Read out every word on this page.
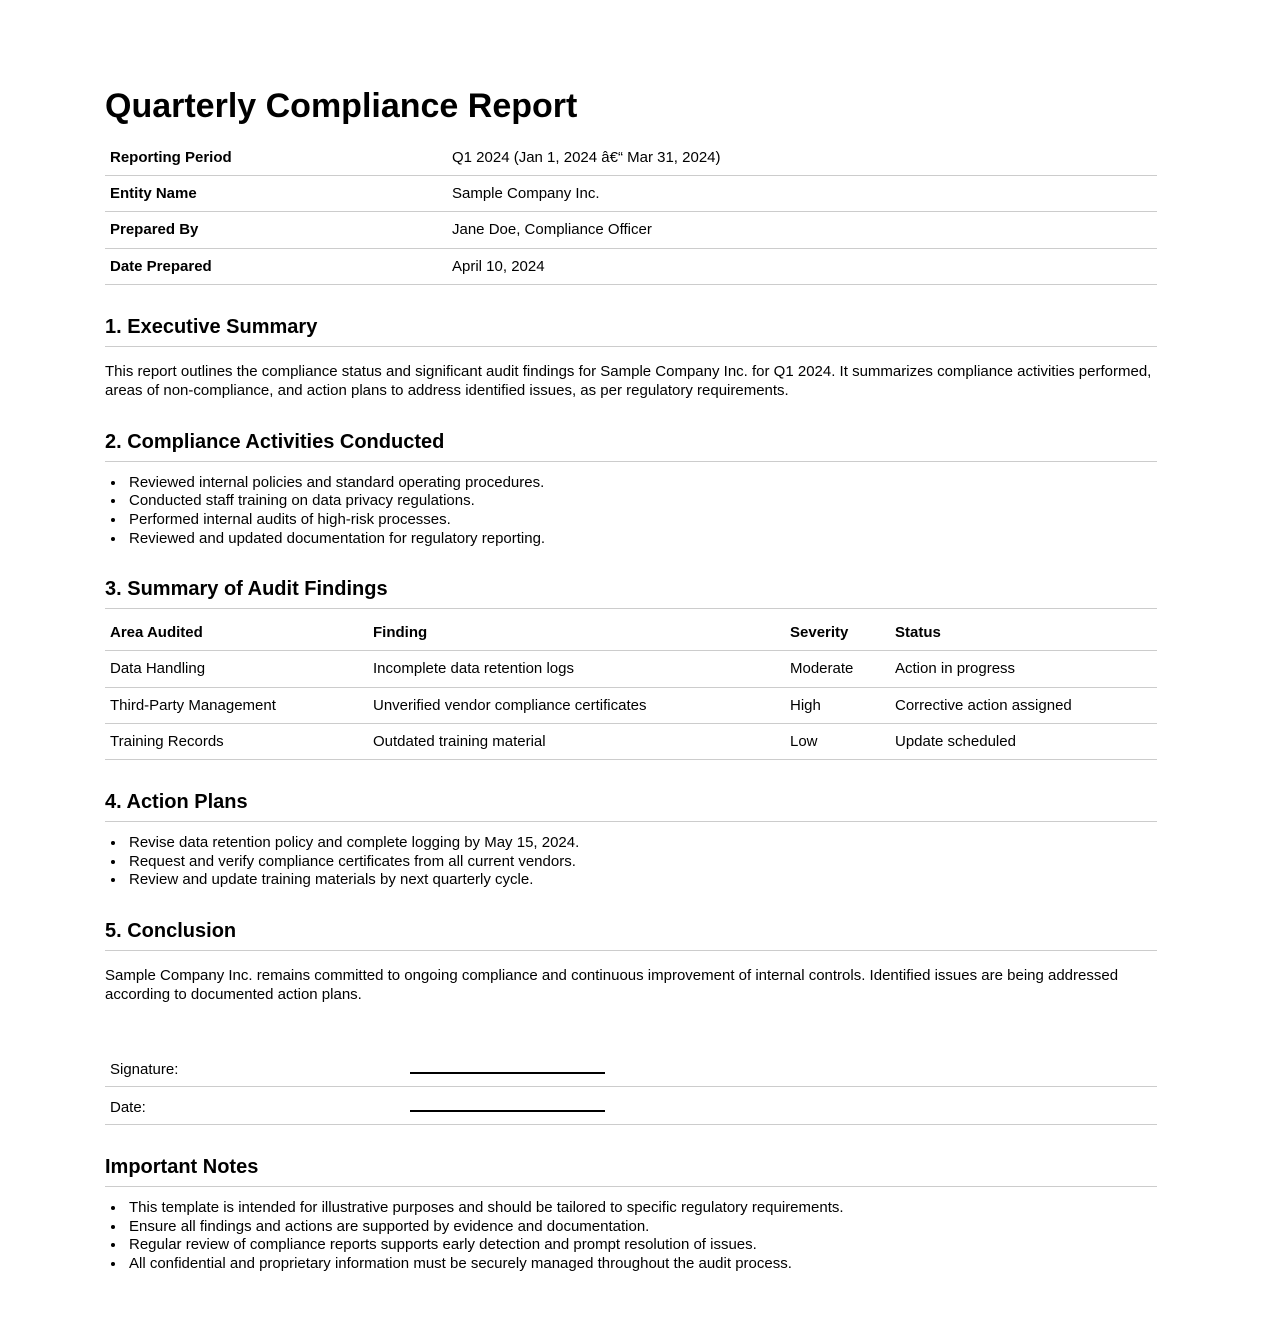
Quarterly Compliance Report
Reporting Period	Q1 2024 (Jan 1, 2024 â€“ Mar 31, 2024)
Entity Name	Sample Company Inc.
Prepared By	Jane Doe, Compliance Officer
Date Prepared	April 10, 2024
1. Executive Summary

This report outlines the compliance status and significant audit findings for Sample Company Inc. for Q1 2024. It summarizes compliance activities performed, areas of non-compliance, and action plans to address identified issues, as per regulatory requirements.

2. Compliance Activities Conducted
• Reviewed internal policies and standard operating procedures.
• Conducted staff training on data privacy regulations.
• Performed internal audits of high-risk processes.
• Reviewed and updated documentation for regulatory reporting.
3. Summary of Audit Findings
Area Audited	Finding	Severity	Status
Data Handling	Incomplete data retention logs	Moderate	Action in progress
Third-Party Management	Unverified vendor compliance certificates	High	Corrective action assigned
Training Records	Outdated training material	Low	Update scheduled
4. Action Plans
• Revise data retention policy and complete logging by May 15, 2024.
• Request and verify compliance certificates from all current vendors.
• Review and update training materials by next quarterly cycle.
5. Conclusion

Sample Company Inc. remains committed to ongoing compliance and continuous improvement of internal controls. Identified issues are being addressed according to documented action plans.

Signature:	
Date:	
Important Notes
• This template is intended for illustrative purposes and should be tailored to specific regulatory requirements.
• Ensure all findings and actions are supported by evidence and documentation.
• Regular review of compliance reports supports early detection and prompt resolution of issues.
• All confidential and proprietary information must be securely managed throughout the audit process.
